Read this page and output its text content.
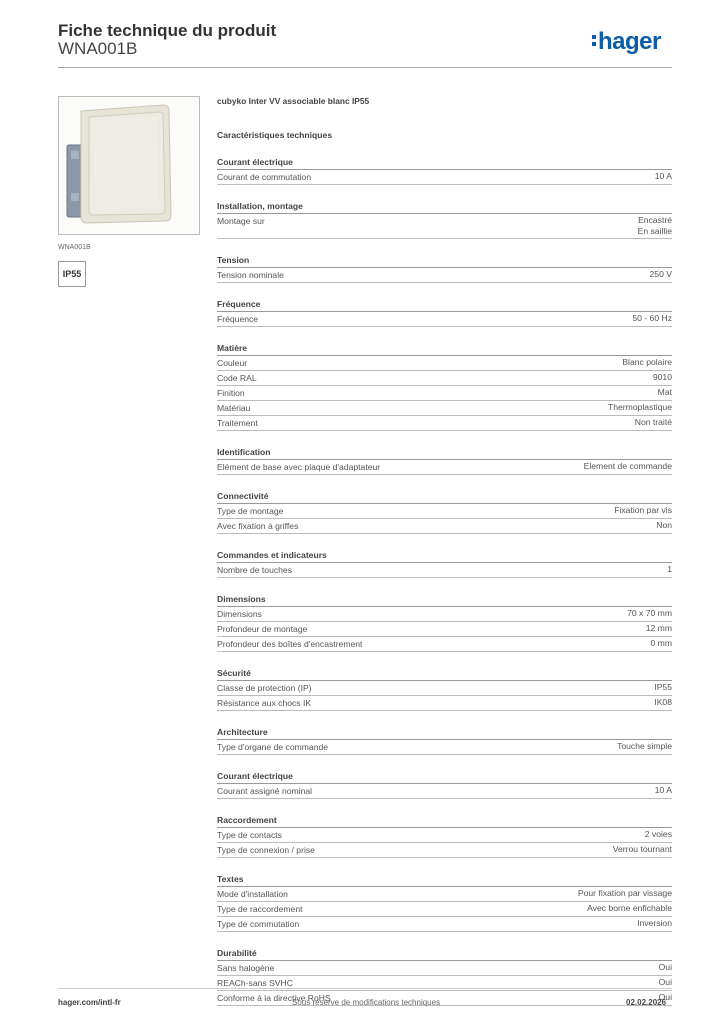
Fiche technique du produit
WNA001B	hager
WNA001B
IP55
cubyko Inter VV associable blanc IP55
Caractéristiques techniques
Courant électrique
Courant de commutation	10 A
Installation, montage
Montage sur	Encastré
En saillie
Tension
Tension nominale	250 V
Fréquence
Fréquence	50 - 60 Hz
Matière
Couleur	Blanc polaire
Code RAL	9010
Finition	Mat
Matériau	Thermoplastique
Traitement	Non traité
Identification
Elément de base avec plaque d'adaptateur	Element de commande
Connectivité
Type de montage	Fixation par vis
Avec fixation à griffes	Non
Commandes et indicateurs
Nombre de touches	1
Dimensions
Dimensions	70 x 70 mm
Profondeur de montage	12 mm
Profondeur des boîtes d'encastrement	0 mm
Sécurité
Classe de protection (IP)	IP55
Résistance aux chocs IK	IK08
Architecture
Type d'organe de commande	Touche simple
Courant électrique
Courant assigné nominal	10 A
Raccordement
Type de contacts	2 voies
Type de connexion / prise	Verrou tournant
Textes
Mode d'installation	Pour fixation par vissage
Type de raccordement	Avec borne enfichable
Type de commutation	Inversion
Durabilité
Sans halogène	Oui
REACh-sans SVHC	Oui
Conforme à la directive RoHS	Oui
hager.com/intl-fr	Sous réserve de modifications techniques	02.02.2026
